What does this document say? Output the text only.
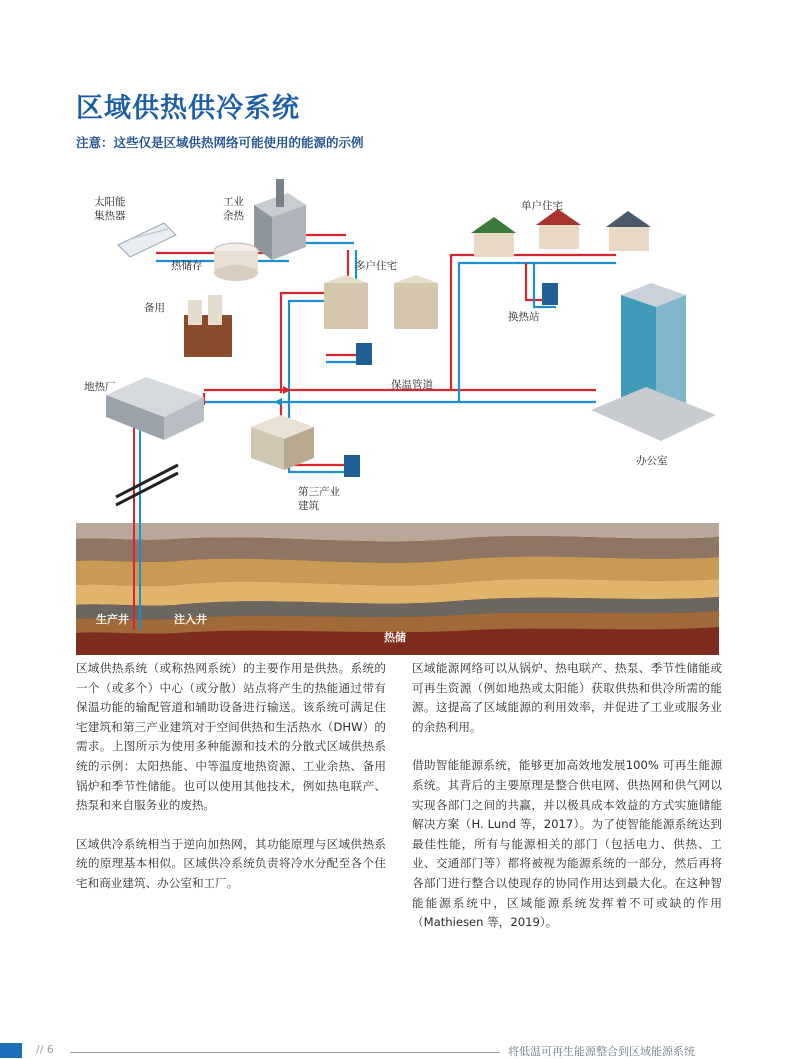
区域供热供冷系统
注意：这些仅是区域供热网络可能使用的能源的示例
太阳能
集热器
工业
余热
热储存	多户住宅
单户住宅
备用
换热站
地热厂	保温管道
办公室
第三产业
建筑
生产井	注入井
热储

区域供热系统（或称热网系统）的主要作用是供热。系统的一个（或多个）中心（或分散）站点将产生的热能通过带有保温功能的输配管道和辅助设备进行输送。该系统可满足住宅建筑和第三产业建筑对于空间供热和生活热水（DHW）的需求。上图所示为使用多种能源和技术的分散式区域供热系统的示例：太阳热能、中等温度地热资源、工业余热、备用锅炉和季节性储能。也可以使用其他技术，例如热电联产、热泵和来自服务业的废热。

区域供冷系统相当于逆向加热网，其功能原理与区域供热系统的原理基本相似。区域供冷系统负责将冷水分配至各个住宅和商业建筑、办公室和工厂。

区域能源网络可以从锅炉、热电联产、热泵、季节性储能或可再生资源（例如地热或太阳能）获取供热和供冷所需的能源。这提高了区域能源的利用效率，并促进了工业或服务业的余热利用。

借助智能能源系统，能够更加高效地发展100% 可再生能源系统。其背后的主要原理是整合供电网、供热网和供气网以实现各部门之间的共赢，并以极具成本效益的方式实施储能解决方案（H. Lund 等，2017）。为了使智能能源系统达到最佳性能，所有与能源相关的部门（包括电力、供热、工业、交通部门等）都将被视为能源系统的一部分，然后再将各部门进行整合以使现存的协同作用达到最大化。在这种智能能源系统中，区域能源系统发挥着不可或缺的作用（Mathiesen 等，2019）。

// 6	将低温可再生能源整合到区域能源系统
